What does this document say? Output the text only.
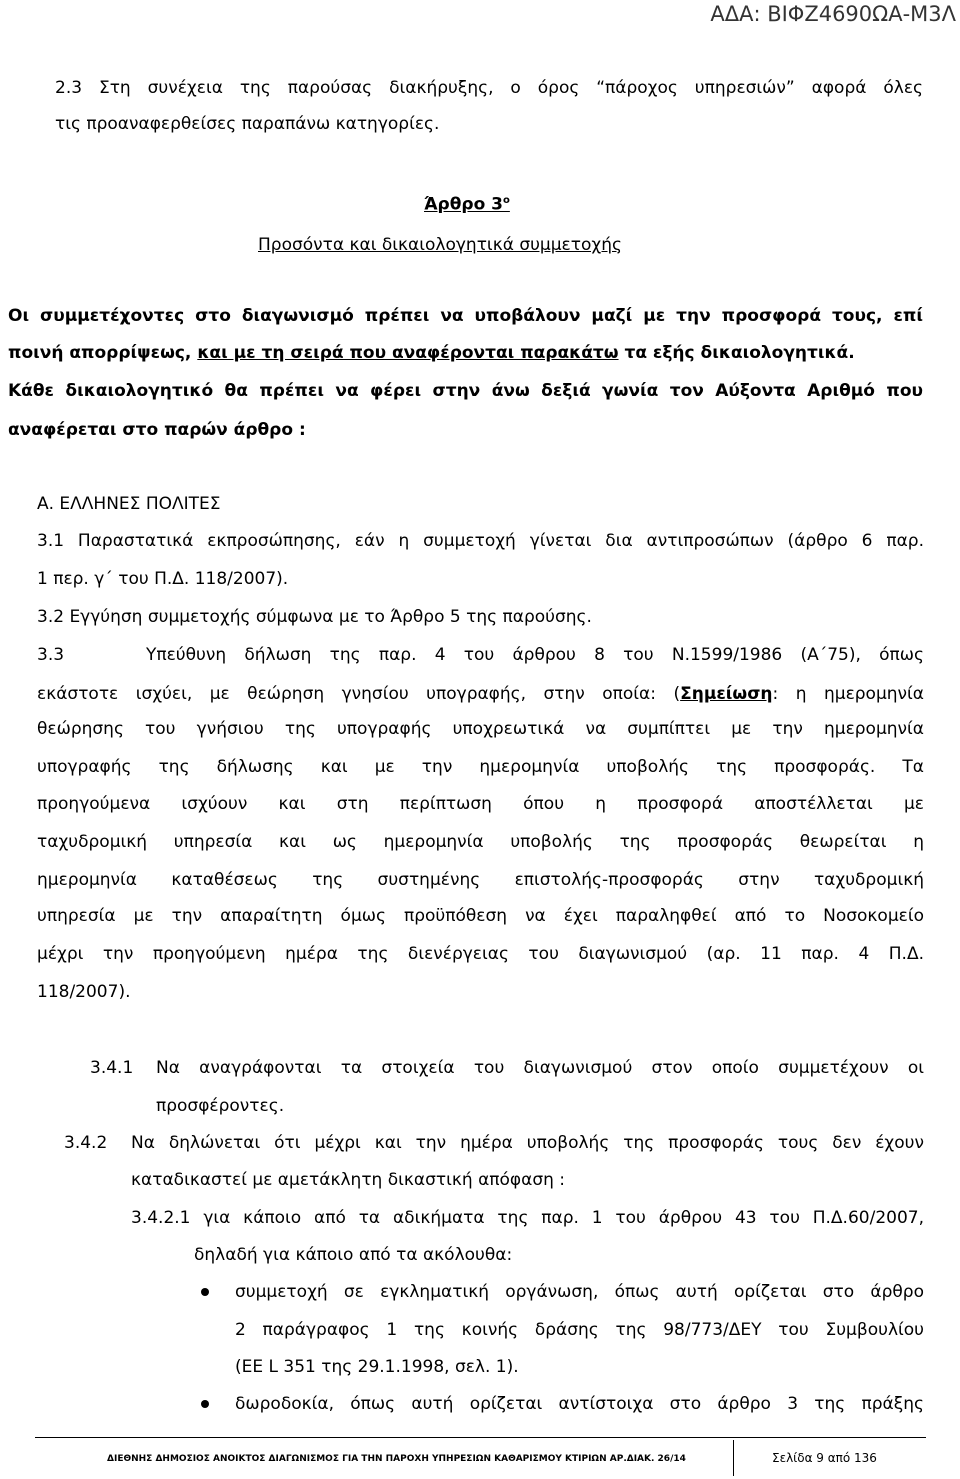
ΑΔΑ: ΒΙΦΖ4690ΩΑ-Μ3Λ
2.3 Στη συνέχεια της παρούσας διακήρυξης, ο όρος “πάροχος υπηρεσιών” αφορά όλες
τις προαναφερθείσες παραπάνω κατηγορίες.
Άρθρο $3^o$
Προσόντα και δικαιολογητικά συμμετοχής
Οι συμμετέχοντες στο διαγωνισμό πρέπει να υποβάλουν μαζί με την προσφορά τους, επί
ποινή απορρίψεως, και με τη σειρά που αναφέρονται παρακάτω τα εξής δικαιολογητικά.
Κάθε δικαιολογητικό θα πρέπει να φέρει στην άνω δεξιά γωνία τον Αύξοντα Αριθμό που
αναφέρεται στο παρών άρθρο :
Α. ΕΛΛΗΝΕΣ ΠΟΛΙΤΕΣ
3.1 Παραστατικά εκπροσώπησης, εάν η συμμετοχή γίνεται δια αντιπροσώπων (άρθρο 6 παρ.
1 περ. γ΄ του Π.Δ. 118/2007).
3.2 Εγγύηση συμμετοχής σύμφωνα με το Άρθρο 5 της παρούσης.
3.3	Υπεύθυνη δήλωση της παρ. 4 του άρθρου 8 του Ν.1599/1986 (Α΄75), όπως
εκάστοτε ισχύει, με θεώρηση γνησίου υπογραφής, στην οποία: (Σημείωση: η ημερομηνία
θεώρησης του γνήσιου της υπογραφής υποχρεωτικά να συμπίπτει με την ημερομηνία
υπογραφής της δήλωσης και με την ημερομηνία υποβολής της προσφοράς. Τα
προηγούμενα ισχύουν και στη περίπτωση όπου η προσφορά αποστέλλεται με
ταχυδρομική υπηρεσία και ως ημερομηνία υποβολής της προσφοράς θεωρείται η
ημερομηνία καταθέσεως της συστημένης επιστολής-προσφοράς στην ταχυδρομική
υπηρεσία με την απαραίτητη όμως προϋπόθεση να έχει παραληφθεί από το Νοσοκομείο
μέχρι την προηγούμενη ημέρα της διενέργειας του διαγωνισμού (αρ. 11 παρ. 4 Π.Δ.
118/2007).
3.4.1 Να αναγράφονται τα στοιχεία του διαγωνισμού στον οποίο συμμετέχουν οι
προσφέροντες.
3.4.2 Να δηλώνεται ότι μέχρι και την ημέρα υποβολής της προσφοράς τους δεν έχουν
καταδικαστεί με αμετάκλητη δικαστική απόφαση :
3.4.2.1 για κάποιο από τα αδικήματα της παρ. 1 του άρθρου 43 του Π.Δ.60/2007,
δηλαδή για κάποιο από τα ακόλουθα:
συμμετοχή σε εγκληματική οργάνωση, όπως αυτή ορίζεται στο άρθρο
2 παράγραφος 1 της κοινής δράσης της 98/773/ΔΕΥ του Συμβουλίου
(ΕΕ L 351 της 29.1.1998, σελ. 1).
δωροδοκία, όπως αυτή ορίζεται αντίστοιχα στο άρθρο 3 της πράξης
ΔΙΕΘΝΗΣ ΔΗΜΟΣΙΟΣ ΑΝΟΙΚΤΟΣ ΔΙΑΓΩΝΙΣΜΟΣ ΓΙΑ ΤΗΝ ΠΑΡΟΧΗ ΥΠΗΡΕΣΙΩΝ ΚΑΘΑΡΙΣΜΟΥ ΚΤΙΡΙΩΝ ΑΡ.ΔΙΑΚ. 26/14	Σελίδα 9 από 136
